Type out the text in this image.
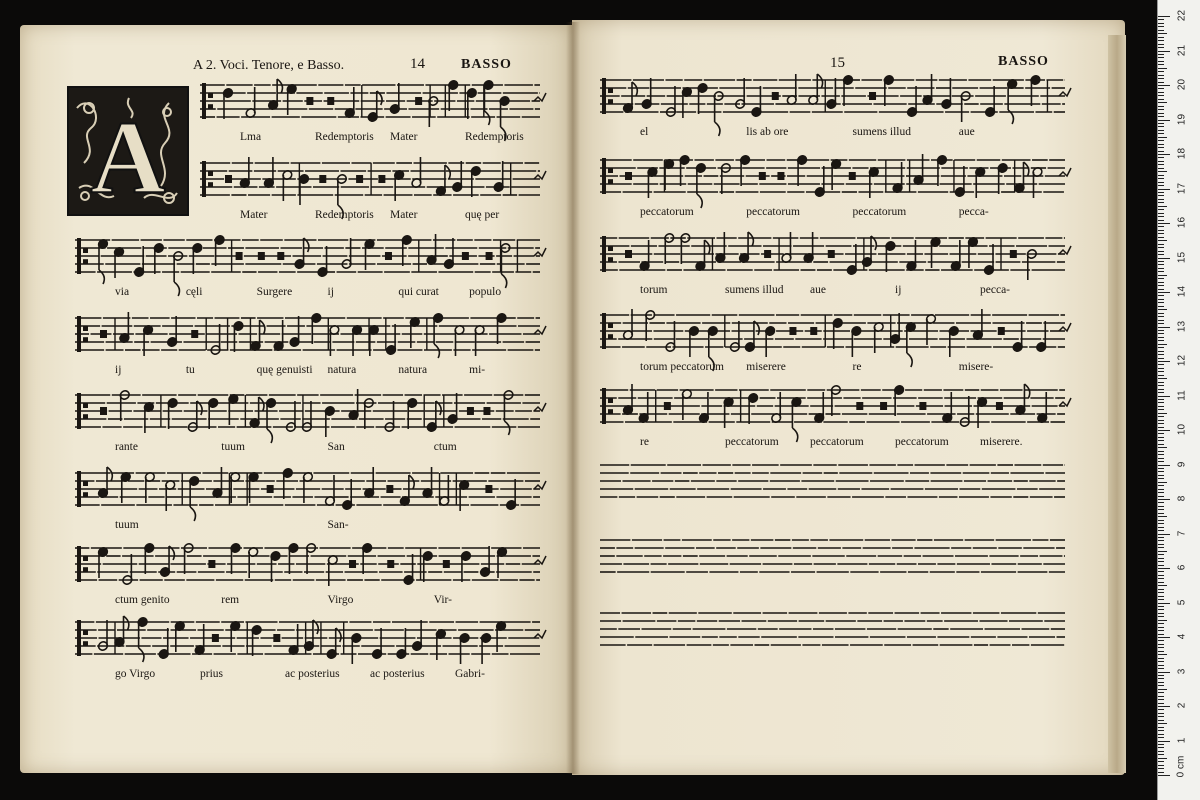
A 2. Voci. Tenore, e Basso.	14	BASSO	15	BASSO
A	Lma	Redemptoris Mater	Redemptoris
Mater	Redemptoris Mater	quę per
via	cęli	Surgere	ij	qui curat	populo
ij	tu	quę genuisti natura	natura	mi-
rante	tuum	San	ctum
tuum	San-
ctum genito	rem	Virgo	Vir-
go Virgo	prius	ac posterius	ac posterius	Gabri-
el	lis ab ore	sumens illud	aue
peccatorum	peccatorum	peccatorum	pecca-
torum	sumens illud aue	ij	pecca-
torum peccatorum miserere	re	misere-
re	peccatorum	peccatorum	peccatorum	miserere.
0 cm
1
2
3
4
5
6
7
8
9
10
11
12
13
14
15
16
17
18
19
20
21
22
